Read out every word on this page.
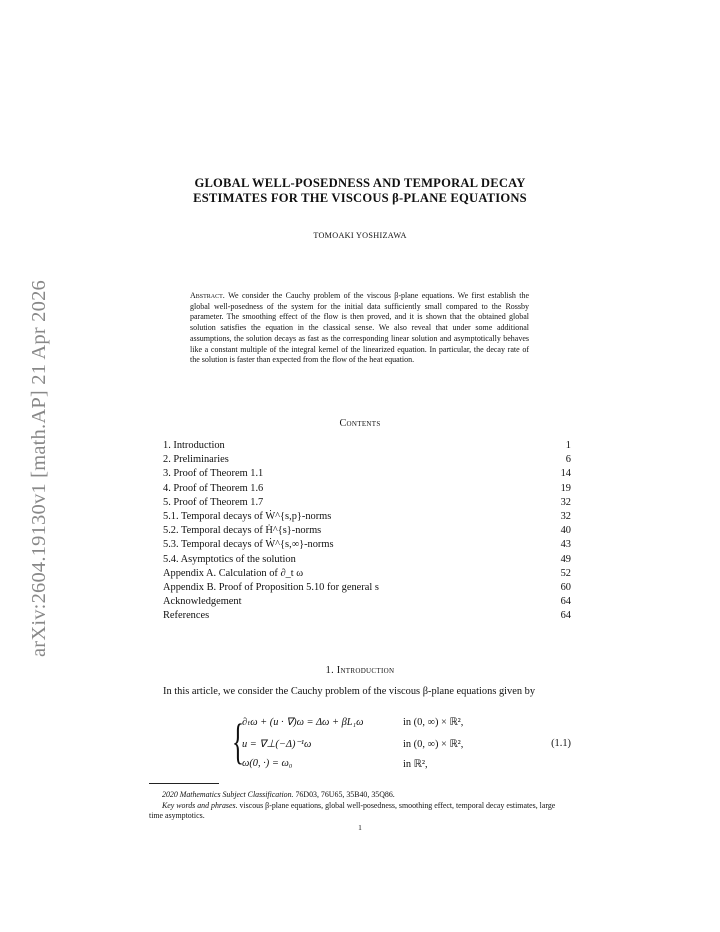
arXiv:2604.19130v1 [math.AP] 21 Apr 2026
GLOBAL WELL-POSEDNESS AND TEMPORAL DECAY
ESTIMATES FOR THE VISCOUS β-PLANE EQUATIONS
TOMOAKI YOSHIZAWA
Abstract. We consider the Cauchy problem of the viscous β-plane equations. We first establish the global well-posedness of the system for the initial data sufficiently small compared to the Rossby parameter. The smoothing effect of the flow is then proved, and it is shown that the obtained global solution satisfies the equation in the classical sense. We also reveal that under some additional assumptions, the solution decays as fast as the corresponding linear solution and asymptotically behaves like a constant multiple of the integral kernel of the linearized equation. In particular, the decay rate of the solution is faster than expected from the flow of the heat equation.
Contents
1. Introduction	1
2. Preliminaries	6
3. Proof of Theorem 1.1	14
4. Proof of Theorem 1.6	19
5. Proof of Theorem 1.7	32
5.1. Temporal decays of Ẇ^{s,p}-norms	32
5.2. Temporal decays of Ḣ^{s}-norms	40
5.3. Temporal decays of Ẇ^{s,∞}-norms	43
5.4. Asymptotics of the solution	49
Appendix A. Calculation of ∂_t ω	52
Appendix B. Proof of Proposition 5.10 for general s	60
Acknowledgement	64
References	64
1. Introduction
In this article, we consider the Cauchy problem of the viscous β-plane equations given by
{
∂ₜω + (u · ∇)ω = Δω + βL₁ω	in (0, ∞) × ℝ²,
u = ∇⊥(−Δ)⁻¹ω	in (0, ∞) × ℝ²,
ω(0, ·) = ω₀	in ℝ²,
(1.1)

2020 Mathematics Subject Classification. 76D03, 76U65, 35B40, 35Q86.

Key words and phrases. viscous β-plane equations, global well-posedness, smoothing effect, temporal decay estimates, large time asymptotics.

1
